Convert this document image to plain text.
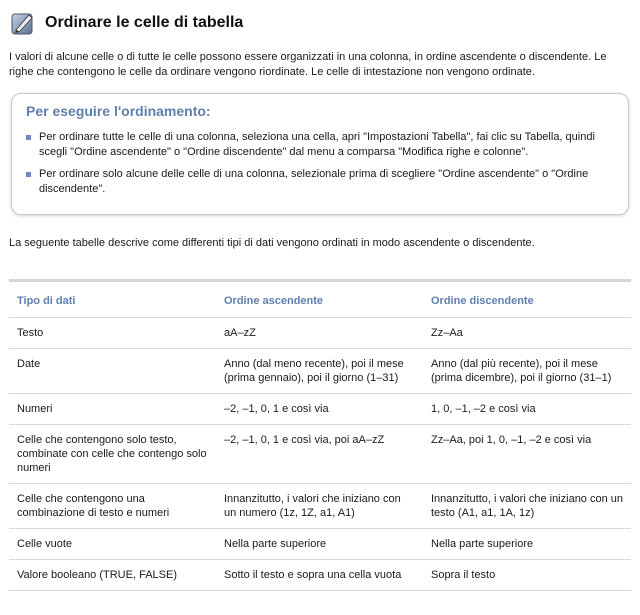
Ordinare le celle di tabella

I valori di alcune celle o di tutte le celle possono essere organizzati in una colonna, in ordine ascendente o discendente. Le righe che contengono le celle da ordinare vengono riordinate. Le celle di intestazione non vengono ordinate.

Per eseguire l'ordinamento:
Per ordinare tutte le celle di una colonna, seleziona una cella, apri "Impostazioni Tabella", fai clic su Tabella, quindi scegli "Ordine ascendente" o "Ordine discendente" dal menu a comparsa "Modifica righe e colonne".
Per ordinare solo alcune delle celle di una colonna, selezionale prima di scegliere "Ordine ascendente" o "Ordine discendente".

La seguente tabelle descrive come differenti tipi di dati vengono ordinati in modo ascendente o discendente.

Tipo di dati	Ordine ascendente	Ordine discendente
Testo	aA–zZ	Zz–Aa
Date	Anno (dal meno recente), poi il mese (prima gennaio), poi il giorno (1–31)	Anno (dal più recente), poi il mese (prima dicembre), poi il giorno (31–1)
Numeri	–2, –1, 0, 1 e così via	1, 0, –1, –2 e così via
Celle che contengono solo testo, combinate con celle che contengo solo numeri	–2, –1, 0, 1 e così via, poi aA–zZ	Zz–Aa, poi 1, 0, –1, –2 e così via
Celle che contengono una combinazione di testo e numeri	Innanzitutto, i valori che iniziano con un numero (1z, 1Z, a1, A1)	Innanzitutto, i valori che iniziano con un testo (A1, a1, 1A, 1z)
Celle vuote	Nella parte superiore	Nella parte superiore
Valore booleano (TRUE, FALSE)	Sotto il testo e sopra una cella vuota	Sopra il testo
